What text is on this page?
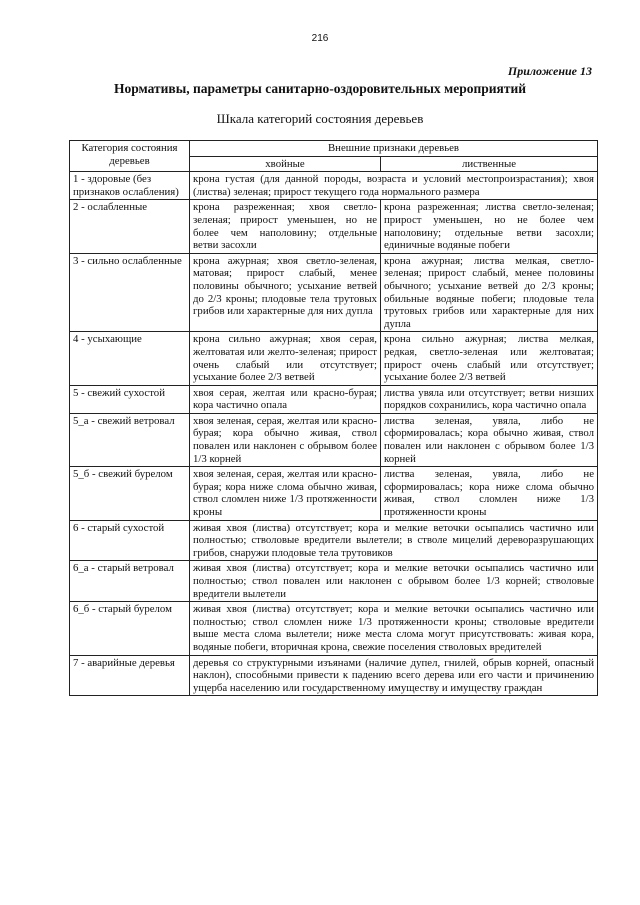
216
Приложение 13
Нормативы, параметры санитарно-оздоровительных мероприятий
Шкала категорий состояния деревьев
Категория состояния деревьев	Внешние признаки деревьев	
	хвойные	лиственные
1 - здоровые (без признаков ослабления)	крона густая (для данной породы, возраста и условий местопроизрастания); хвоя (листва) зеленая; прирост текущего года нормального размера	
2 - ослабленные	крона разреженная; хвоя светло-зеленая; прирост уменьшен, но не более чем наполовину; отдельные ветви засохли	крона разреженная; листва светло-зеленая; прирост уменьшен, но не более чем наполовину; отдельные ветви засохли; единичные водяные побеги
3 - сильно ослабленные	крона ажурная; хвоя светло-зеленая, матовая; прирост слабый, менее половины обычного; усыхание ветвей до 2/3 кроны; плодовые тела трутовых грибов или характерные для них дупла	крона ажурная; листва мелкая, светло-зеленая; прирост слабый, менее половины обычного; усыхание ветвей до 2/3 кроны; обильные водяные побеги; плодовые тела трутовых грибов или характерные для них дупла
4 - усыхающие	крона сильно ажурная; хвоя серая, желтоватая или желто-зеленая; прирост очень слабый или отсутствует; усыхание более 2/3 ветвей	крона сильно ажурная; листва мелкая, редкая, светло-зеленая или желтоватая; прирост очень слабый или отсутствует; усыхание более 2/3 ветвей
5 - свежий сухостой	хвоя серая, желтая или красно-бурая; кора частично опала	листва увяла или отсутствует; ветви низших порядков сохранились, кора частично опала
5_а - свежий ветровал	хвоя зеленая, серая, желтая или красно-бурая; кора обычно живая, ствол повален или наклонен с обрывом более 1/3 корней	листва зеленая, увяла, либо не сформировалась; кора обычно живая, ствол повален или наклонен с обрывом более 1/3 корней
5_б - свежий бурелом	хвоя зеленая, серая, желтая или красно-бурая; кора ниже слома обычно живая, ствол сломлен ниже 1/3 протяженности кроны	листва зеленая, увяла, либо не сформировалась; кора ниже слома обычно живая, ствол сломлен ниже 1/3 протяженности кроны
6 - старый сухостой	живая хвоя (листва) отсутствует; кора и мелкие веточки осыпались частично или полностью; стволовые вредители вылетели; в стволе мицелий дереворазрушающих грибов, снаружи плодовые тела трутовиков	
6_а - старый ветровал	живая хвоя (листва) отсутствует; кора и мелкие веточки осыпались частично или полностью; ствол повален или наклонен с обрывом более 1/3 корней; стволовые вредители вылетели	
6_б - старый бурелом	живая хвоя (листва) отсутствует; кора и мелкие веточки осыпались частично или полностью; ствол сломлен ниже 1/3 протяженности кроны; стволовые вредители выше места слома вылетели; ниже места слома могут присутствовать: живая кора, водяные побеги, вторичная крона, свежие поселения стволовых вредителей	
7 - аварийные деревья	деревья со структурными изъянами (наличие дупел, гнилей, обрыв корней, опасный наклон), способными привести к падению всего дерева или его части и причинению ущерба населению или государственному имуществу и имуществу граждан	
